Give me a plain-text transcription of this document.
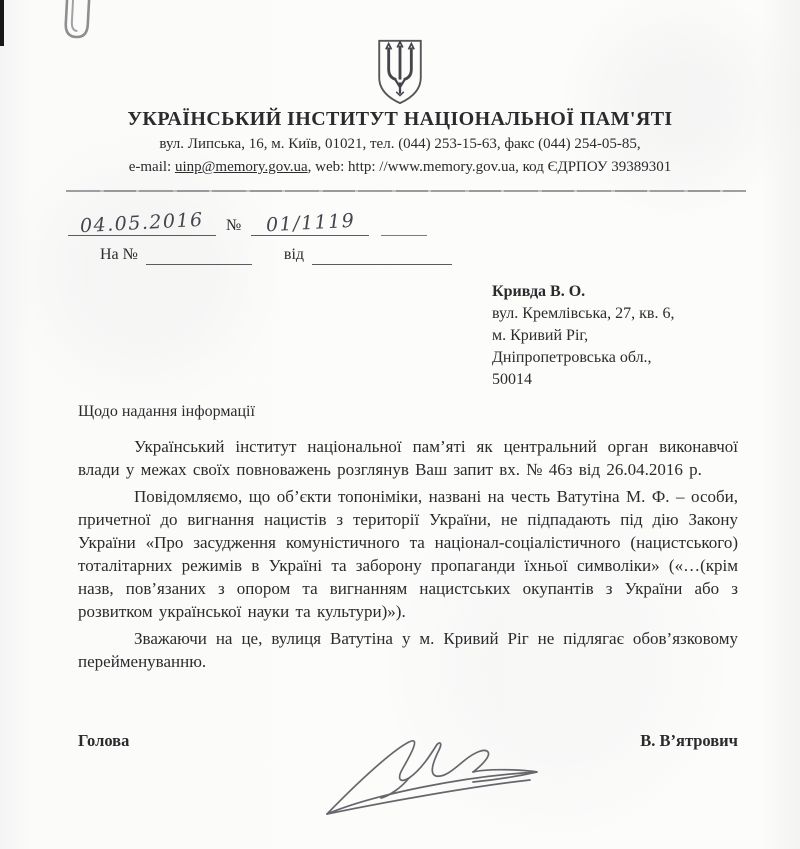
УКРАЇНСЬКИЙ ІНСТИТУТ НАЦІОНАЛЬНОЇ ПАМ'ЯТІ
вул. Липська, 16, м. Київ, 01021, тел. (044) 253-15-63, факс (044) 254-05-85,
e-mail: uinp@memory.gov.ua, web: http: //www.memory.gov.ua, код ЄДРПОУ 39389301
04.05.2016 № 01/1119
На №	від
Кривда В. О.
вул. Кремлівська, 27, кв. 6,
м. Кривий Ріг,
Дніпропетровська обл.,
50014
Щодо надання інформації

Український інститут національної пам’яті як центральний орган виконавчої влади у межах своїх повноважень розглянув Ваш запит вх. № 46з від 26.04.2016 р.

Повідомляємо, що об’єкти топоніміки, названі на честь Ватутіна М. Ф. – особи, причетної до вигнання нацистів з території України, не підпадають під дію Закону України «Про засудження комуністичного та націонал-соціалістичного (нацистського) тоталітарних режимів в Україні та заборону пропаганди їхньої символіки» («…(крім назв, пов’язаних з опором та вигнанням нацистських окупантів з України або з розвитком української науки та культури)»).

Зважаючи на це, вулиця Ватутіна у м. Кривий Ріг не підлягає обов’язковому перейменуванню.

Голова	В. В’ятрович
